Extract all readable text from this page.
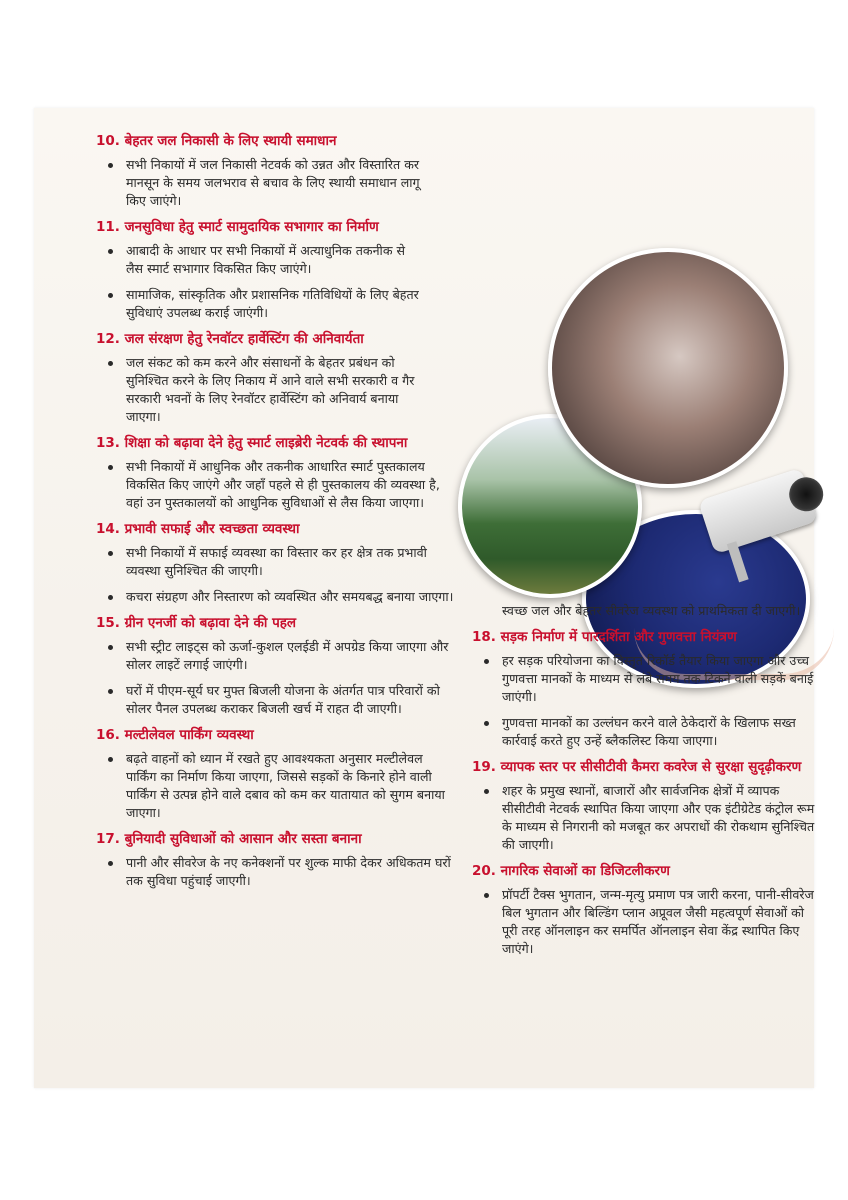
10. बेहतर जल निकासी के लिए स्थायी समाधान
सभी निकायों में जल निकासी नेटवर्क को उन्नत और विस्तारित कर मानसून के समय जलभराव से बचाव के लिए स्थायी समाधान लागू किए जाएंगे।
11. जनसुविधा हेतु स्मार्ट सामुदायिक सभागार का निर्माण
आबादी के आधार पर सभी निकायों में अत्याधुनिक तकनीक से लैस स्मार्ट सभागार विकसित किए जाएंगे।
सामाजिक, सांस्कृतिक और प्रशासनिक गतिविधियों के लिए बेहतर सुविधाएं उपलब्ध कराई जाएंगी।
12. जल संरक्षण हेतु रेनवॉटर हार्वेस्टिंग की अनिवार्यता
जल संकट को कम करने और संसाधनों के बेहतर प्रबंधन को सुनिश्चित करने के लिए निकाय में आने वाले सभी सरकारी व गैर सरकारी भवनों के लिए रेनवॉटर हार्वेस्टिंग को अनिवार्य बनाया जाएगा।
13. शिक्षा को बढ़ावा देने हेतु स्मार्ट लाइब्रेरी नेटवर्क की स्थापना
सभी निकायों में आधुनिक और तकनीक आधारित स्मार्ट पुस्तकालय विकसित किए जाएंगे और जहाँ पहले से ही पुस्तकालय की व्यवस्था है, वहां उन पुस्तकालयों को आधुनिक सुविधाओं से लैस किया जाएगा।
14. प्रभावी सफाई और स्वच्छता व्यवस्था
सभी निकायों में सफाई व्यवस्था का विस्तार कर हर क्षेत्र तक प्रभावी व्यवस्था सुनिश्चित की जाएगी।
कचरा संग्रहण और निस्तारण को व्यवस्थित और समयबद्ध बनाया जाएगा।
15. ग्रीन एनर्जी को बढ़ावा देने की पहल
सभी स्ट्रीट लाइट्स को ऊर्जा-कुशल एलईडी में अपग्रेड किया जाएगा और सोलर लाइटें लगाई जाएंगी।
घरों में पीएम-सूर्य घर मुफ्त बिजली योजना के अंतर्गत पात्र परिवारों को सोलर पैनल उपलब्ध कराकर बिजली खर्च में राहत दी जाएगी।
16. मल्टीलेवल पार्किंग व्यवस्था
बढ़ते वाहनों को ध्यान में रखते हुए आवश्यकता अनुसार मल्टीलेवल पार्किंग का निर्माण किया जाएगा, जिससे सड़कों के किनारे होने वाली पार्किंग से उत्पन्न होने वाले दबाव को कम कर यातायात को सुगम बनाया जाएगा।
17. बुनियादी सुविधाओं को आसान और सस्ता बनाना
पानी और सीवरेज के नए कनेक्शनों पर शुल्क माफी देकर अधिकतम घरों तक सुविधा पहुंचाई जाएगी।
स्वच्छ जल और बेहतर सीवरेज व्यवस्था को प्राथमिकता दी जाएगी।
18. सड़क निर्माण में पारदर्शिता और गुणवत्ता नियंत्रण
हर सड़क परियोजना का विस्तृत रिकॉर्ड तैयार किया जाएगा और उच्च गुणवत्ता मानकों के माध्यम से लंबे समय तक टिकने वाली सड़कें बनाई जाएंगी।
गुणवत्ता मानकों का उल्लंघन करने वाले ठेकेदारों के खिलाफ सख्त कार्रवाई करते हुए उन्हें ब्लैकलिस्ट किया जाएगा।
19. व्यापक स्तर पर सीसीटीवी कैमरा कवरेज से सुरक्षा सुदृढ़ीकरण
शहर के प्रमुख स्थानों, बाजारों और सार्वजनिक क्षेत्रों में व्यापक सीसीटीवी नेटवर्क स्थापित किया जाएगा और एक इंटीग्रेटेड कंट्रोल रूम के माध्यम से निगरानी को मजबूत कर अपराधों की रोकथाम सुनिश्चित की जाएगी।
20. नागरिक सेवाओं का डिजिटलीकरण
प्रॉपर्टी टैक्स भुगतान, जन्म-मृत्यु प्रमाण पत्र जारी करना, पानी-सीवरेज बिल भुगतान और बिल्डिंग प्लान अप्रूवल जैसी महत्वपूर्ण सेवाओं को पूरी तरह ऑनलाइन कर समर्पित ऑनलाइन सेवा केंद्र स्थापित किए जाएंगे।
